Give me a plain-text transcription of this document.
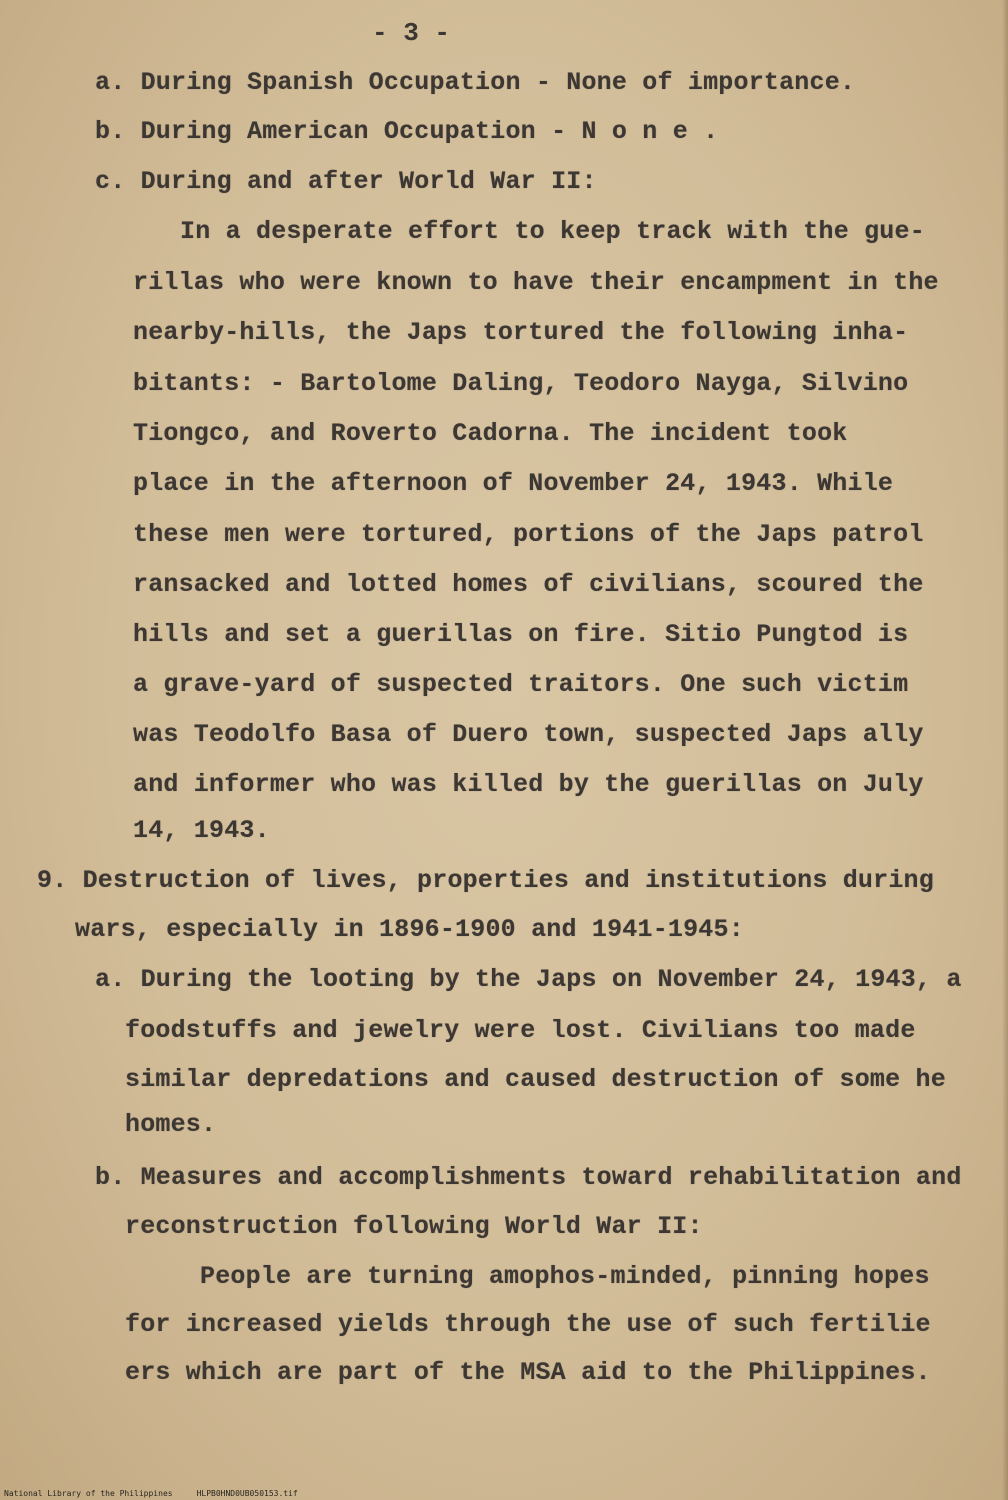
- 3 -
a. During Spanish Occupation - None of importance.
b. During American Occupation - N o n e .
c. During and after World War II:
In a desperate effort to keep track with the gue-
rillas who were known to have their encampment in the
nearby-hills, the Japs tortured the following inha-
bitants: - Bartolome Daling, Teodoro Nayga, Silvino
Tiongco, and Roverto Cadorna. The incident took
place in the afternoon of November 24, 1943. While
these men were tortured, portions of the Japs patrol
ransacked and lotted homes of civilians, scoured the
hills and set a guerillas on fire. Sitio Pungtod is
a grave-yard of suspected traitors. One such victim
was Teodolfo Basa of Duero town, suspected Japs ally
and informer who was killed by the guerillas on July
14, 1943.
9. Destruction of lives, properties and institutions during
wars, especially in 1896-1900 and 1941-1945:
a. During the looting by the Japs on November 24, 1943, a
foodstuffs and jewelry were lost. Civilians too made
similar depredations and caused destruction of some he
homes.
b. Measures and accomplishments toward rehabilitation and
reconstruction following World War II:
People are turning amophos-minded, pinning hopes
for increased yields through the use of such fertilie
ers which are part of the MSA aid to the Philippines.
National Library of the Philippines	HLPB0HND0UB050153.tif
